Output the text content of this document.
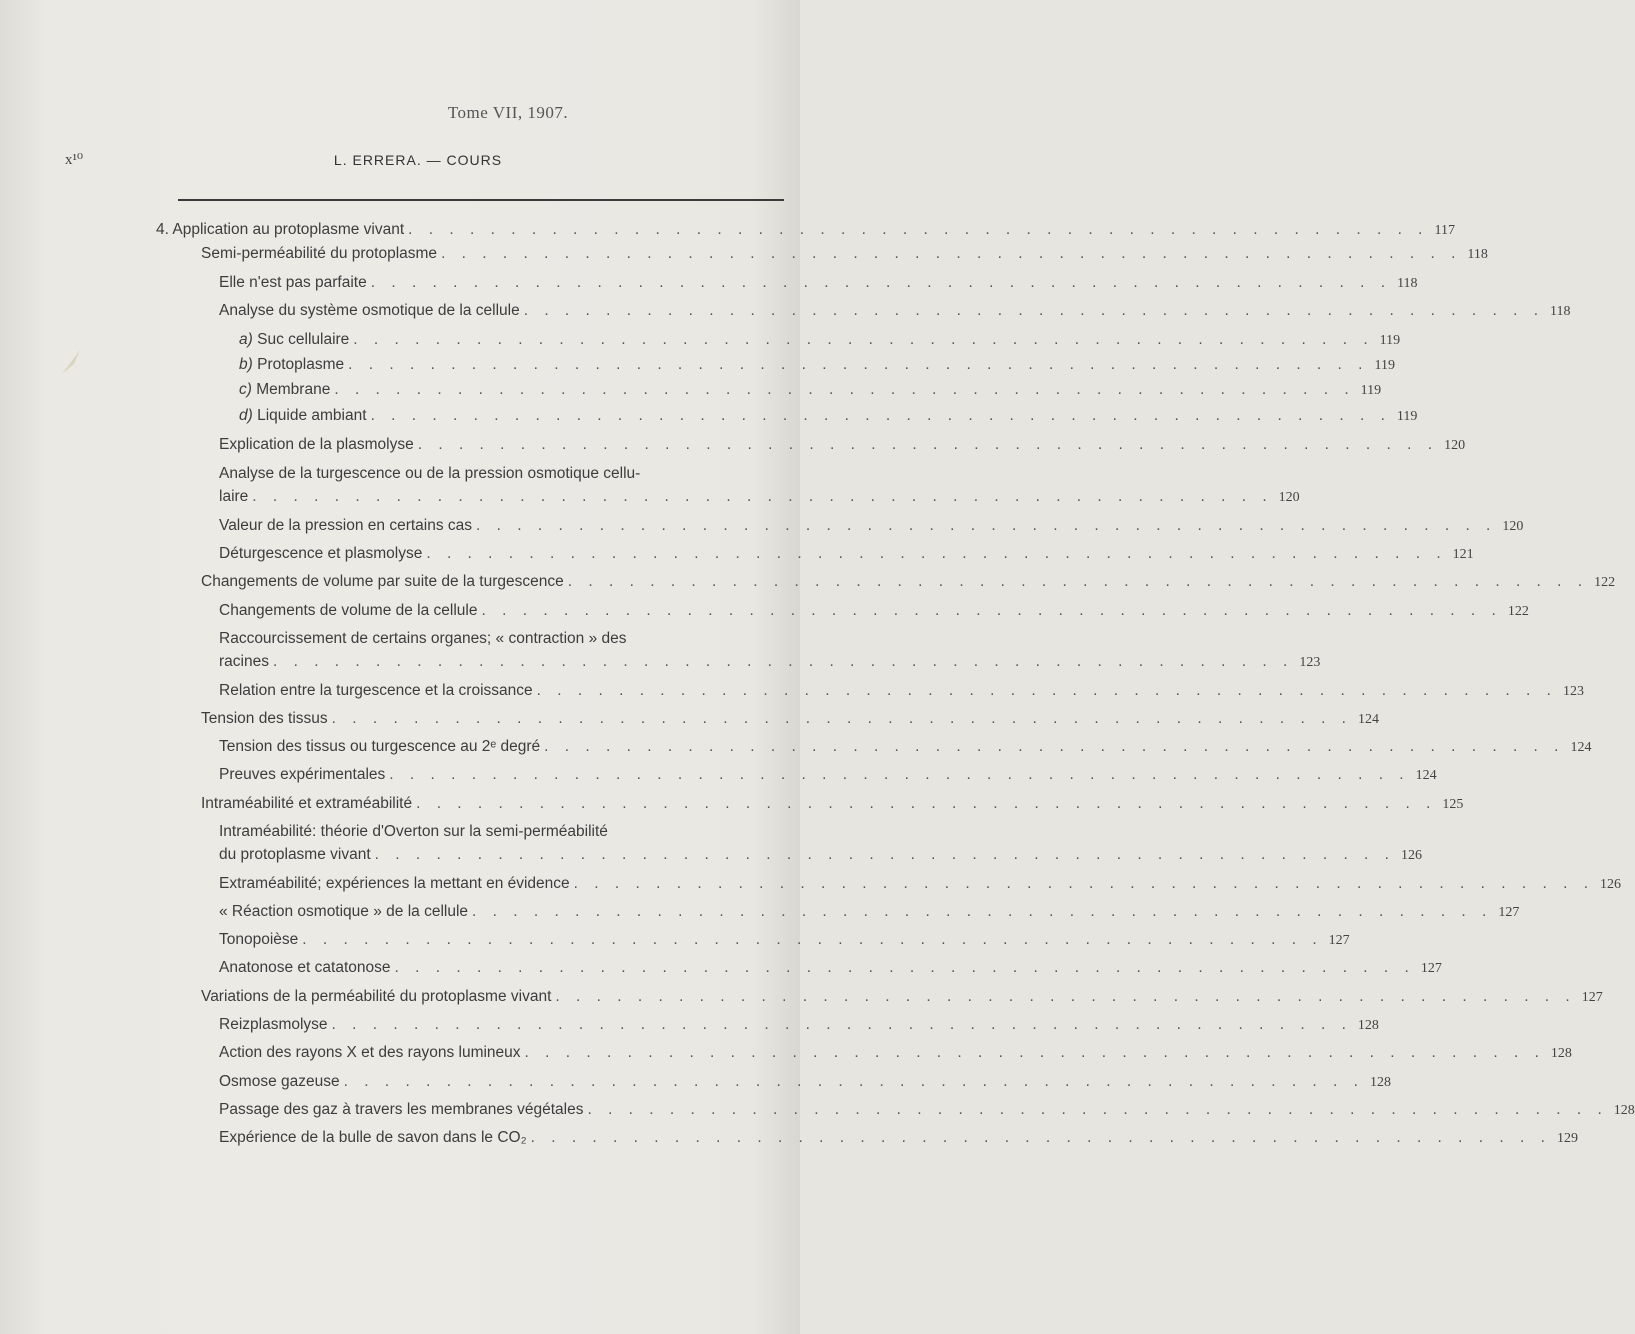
Tome VII, 1907.
x¹⁰	L. ERRERA. — COURS
4. Application au protoplasme vivant . . . . . . . . . . . . . . . . . . . . . . . . . . . . . . . . . . . . . . . . . . . . . . . . . . 117
Semi-perméabilité du protoplasme . . . . . . . . . . . . . . . . . . . . . . . . . . . . . . . . . . . . . . . . . . . . . . . . . . 118
Elle n'est pas parfaite . . . . . . . . . . . . . . . . . . . . . . . . . . . . . . . . . . . . . . . . . . . . . . . . . . 118
Analyse du système osmotique de la cellule . . . . . . . . . . . . . . . . . . . . . . . . . . . . . . . . . . . . . . . . . . . . . . . . . . 118
a) Suc cellulaire . . . . . . . . . . . . . . . . . . . . . . . . . . . . . . . . . . . . . . . . . . . . . . . . . . 119
b) Protoplasme . . . . . . . . . . . . . . . . . . . . . . . . . . . . . . . . . . . . . . . . . . . . . . . . . . 119
c) Membrane . . . . . . . . . . . . . . . . . . . . . . . . . . . . . . . . . . . . . . . . . . . . . . . . . . 119
d) Liquide ambiant . . . . . . . . . . . . . . . . . . . . . . . . . . . . . . . . . . . . . . . . . . . . . . . . . . 119
Explication de la plasmolyse . . . . . . . . . . . . . . . . . . . . . . . . . . . . . . . . . . . . . . . . . . . . . . . . . . 120
Analyse de la turgescence ou de la pression osmotique cellu-
laire . . . . . . . . . . . . . . . . . . . . . . . . . . . . . . . . . . . . . . . . . . . . . . . . . . 120
Valeur de la pression en certains cas . . . . . . . . . . . . . . . . . . . . . . . . . . . . . . . . . . . . . . . . . . . . . . . . . . 120
Déturgescence et plasmolyse . . . . . . . . . . . . . . . . . . . . . . . . . . . . . . . . . . . . . . . . . . . . . . . . . . 121
Changements de volume par suite de la turgescence . . . . . . . . . . . . . . . . . . . . . . . . . . . . . . . . . . . . . . . . . . . . . . . . . . 122
Changements de volume de la cellule . . . . . . . . . . . . . . . . . . . . . . . . . . . . . . . . . . . . . . . . . . . . . . . . . . 122
Raccourcissement de certains organes; « contraction » des
racines . . . . . . . . . . . . . . . . . . . . . . . . . . . . . . . . . . . . . . . . . . . . . . . . . . 123
Relation entre la turgescence et la croissance . . . . . . . . . . . . . . . . . . . . . . . . . . . . . . . . . . . . . . . . . . . . . . . . . . 123
Tension des tissus . . . . . . . . . . . . . . . . . . . . . . . . . . . . . . . . . . . . . . . . . . . . . . . . . . 124
Tension des tissus ou turgescence au 2ᵉ degré . . . . . . . . . . . . . . . . . . . . . . . . . . . . . . . . . . . . . . . . . . . . . . . . . . 124
Preuves expérimentales . . . . . . . . . . . . . . . . . . . . . . . . . . . . . . . . . . . . . . . . . . . . . . . . . . 124
Intraméabilité et extraméabilité . . . . . . . . . . . . . . . . . . . . . . . . . . . . . . . . . . . . . . . . . . . . . . . . . . 125
Intraméabilité: théorie d'Overton sur la semi-perméabilité
du protoplasme vivant . . . . . . . . . . . . . . . . . . . . . . . . . . . . . . . . . . . . . . . . . . . . . . . . . . 126
Extraméabilité; expériences la mettant en évidence . . . . . . . . . . . . . . . . . . . . . . . . . . . . . . . . . . . . . . . . . . . . . . . . . . 126
« Réaction osmotique » de la cellule . . . . . . . . . . . . . . . . . . . . . . . . . . . . . . . . . . . . . . . . . . . . . . . . . . 127
Tonopoièse . . . . . . . . . . . . . . . . . . . . . . . . . . . . . . . . . . . . . . . . . . . . . . . . . . 127
Anatonose et catatonose . . . . . . . . . . . . . . . . . . . . . . . . . . . . . . . . . . . . . . . . . . . . . . . . . . 127
Variations de la perméabilité du protoplasme vivant . . . . . . . . . . . . . . . . . . . . . . . . . . . . . . . . . . . . . . . . . . . . . . . . . . 127
Reizplasmolyse . . . . . . . . . . . . . . . . . . . . . . . . . . . . . . . . . . . . . . . . . . . . . . . . . . 128
Action des rayons X et des rayons lumineux . . . . . . . . . . . . . . . . . . . . . . . . . . . . . . . . . . . . . . . . . . . . . . . . . . 128
Osmose gazeuse . . . . . . . . . . . . . . . . . . . . . . . . . . . . . . . . . . . . . . . . . . . . . . . . . . 128
Passage des gaz à travers les membranes végétales . . . . . . . . . . . . . . . . . . . . . . . . . . . . . . . . . . . . . . . . . . . . . . . . . . 128
Expérience de la bulle de savon dans le CO₂ . . . . . . . . . . . . . . . . . . . . . . . . . . . . . . . . . . . . . . . . . . . . . . . . . . 129
